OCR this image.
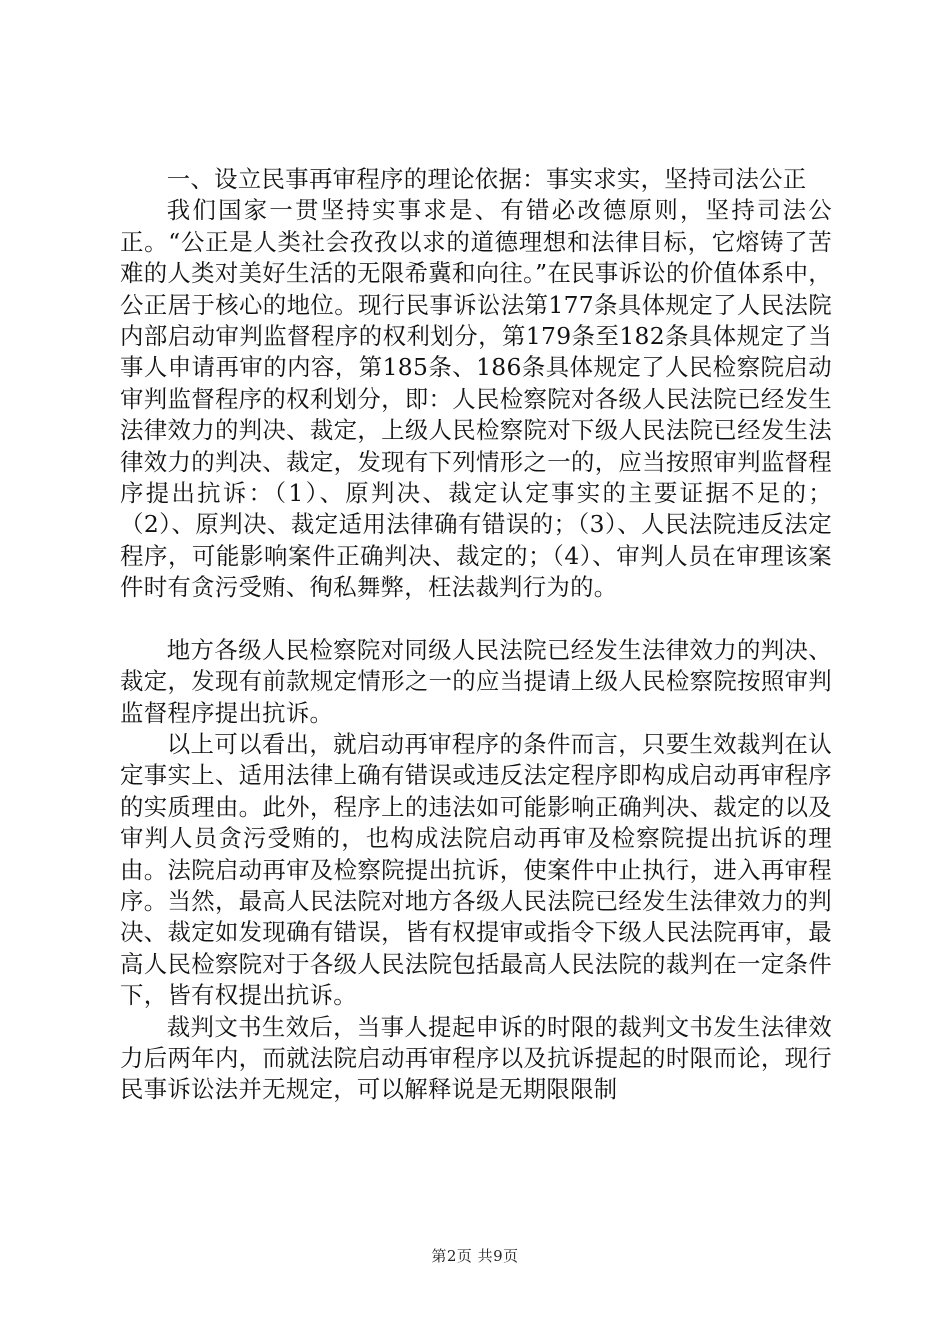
一、设立民事再审程序的理论依据：事实求实，坚持司法公正

我们国家一贯坚持实事求是、有错必改德原则，坚持司法公正。“公正是人类社会孜孜以求的道德理想和法律目标，它熔铸了苦难的人类对美好生活的无限希冀和向往。”在民事诉讼的价值体系中，公正居于核心的地位。现行民事诉讼法第177条具体规定了人民法院内部启动审判监督程序的权利划分，第179条至182条具体规定了当事人申请再审的内容，第185条、186条具体规定了人民检察院启动审判监督程序的权利划分，即：人民检察院对各级人民法院已经发生法律效力的判决、裁定，上级人民检察院对下级人民法院已经发生法律效力的判决、裁定，发现有下列情形之一的，应当按照审判监督程序提出抗诉：（1）、原判决、裁定认定事实的主要证据不足的；（2）、原判决、裁定适用法律确有错误的；（3）、人民法院违反法定程序，可能影响案件正确判决、裁定的；（4）、审判人员在审理该案件时有贪污受贿、徇私舞弊，枉法裁判行为的。

地方各级人民检察院对同级人民法院已经发生法律效力的判决、裁定，发现有前款规定情形之一的应当提请上级人民检察院按照审判监督程序提出抗诉。

以上可以看出，就启动再审程序的条件而言，只要生效裁判在认定事实上、适用法律上确有错误或违反法定程序即构成启动再审程序的实质理由。此外，程序上的违法如可能影响正确判决、裁定的以及审判人员贪污受贿的，也构成法院启动再审及检察院提出抗诉的理由。法院启动再审及检察院提出抗诉，使案件中止执行，进入再审程序。当然，最高人民法院对地方各级人民法院已经发生法律效力的判决、裁定如发现确有错误，皆有权提审或指令下级人民法院再审，最高人民检察院对于各级人民法院包括最高人民法院的裁判在一定条件下，皆有权提出抗诉。

裁判文书生效后，当事人提起申诉的时限的裁判文书发生法律效力后两年内，而就法院启动再审程序以及抗诉提起的时限而论，现行民事诉讼法并无规定，可以解释说是无期限限制

第2页 共9页
